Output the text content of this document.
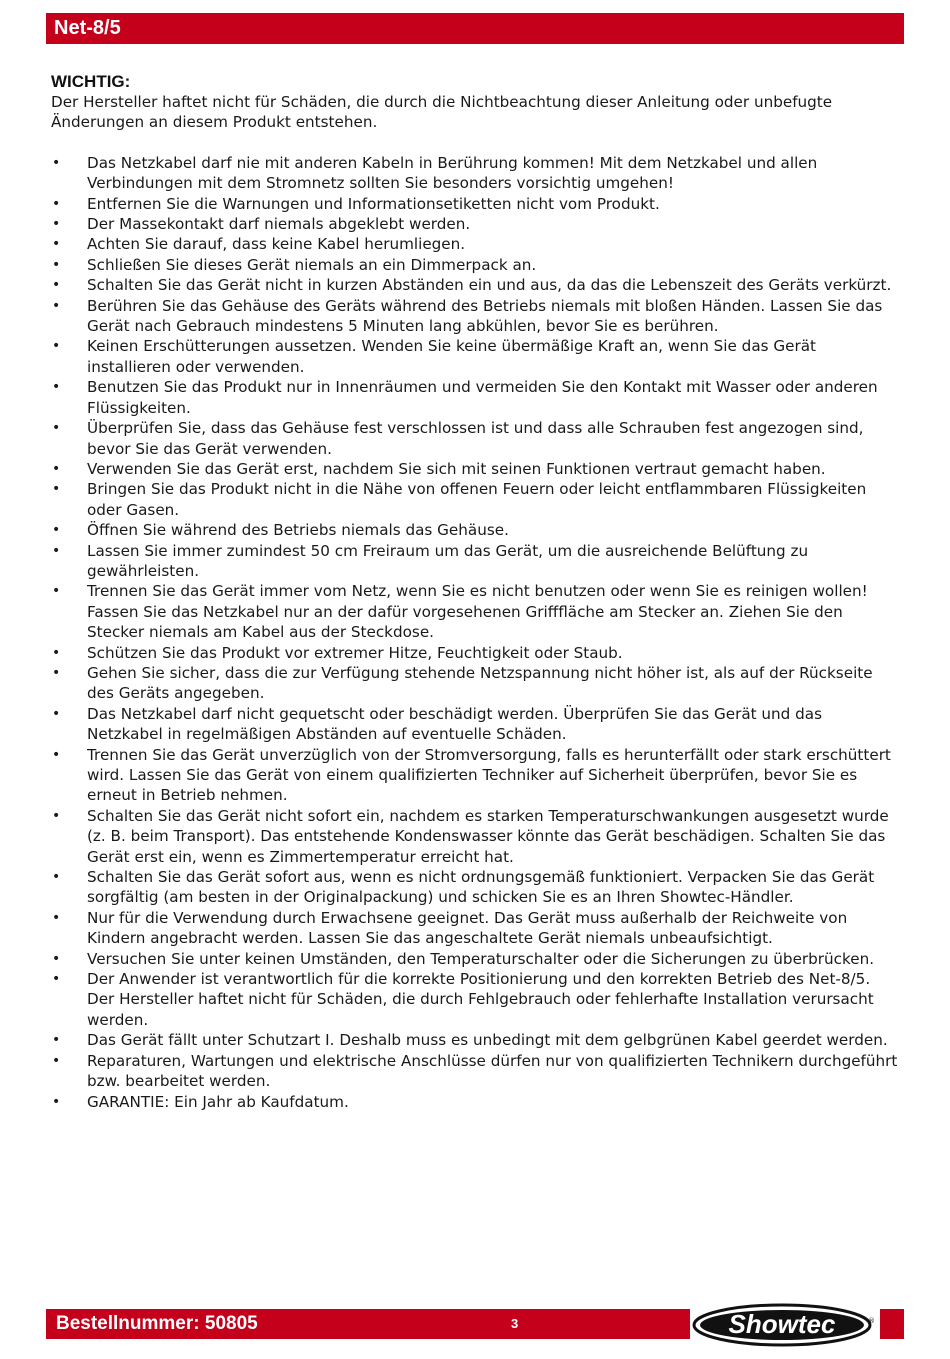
Net-8/5
WICHTIG:

Der Hersteller haftet nicht für Schäden, die durch die Nichtbeachtung dieser Anleitung oder unbefugte Änderungen an diesem Produkt entstehen.

• Das Netzkabel darf nie mit anderen Kabeln in Berührung kommen! Mit dem Netzkabel und allen Verbindungen mit dem Stromnetz sollten Sie besonders vorsichtig umgehen!
• Entfernen Sie die Warnungen und Informationsetiketten nicht vom Produkt.
• Der Massekontakt darf niemals abgeklebt werden.
• Achten Sie darauf, dass keine Kabel herumliegen.
• Schließen Sie dieses Gerät niemals an ein Dimmerpack an.
• Schalten Sie das Gerät nicht in kurzen Abständen ein und aus, da das die Lebenszeit des Geräts verkürzt.
• Berühren Sie das Gehäuse des Geräts während des Betriebs niemals mit bloßen Händen. Lassen Sie das Gerät nach Gebrauch mindestens 5 Minuten lang abkühlen, bevor Sie es berühren.
• Keinen Erschütterungen aussetzen. Wenden Sie keine übermäßige Kraft an, wenn Sie das Gerät installieren oder verwenden.
• Benutzen Sie das Produkt nur in Innenräumen und vermeiden Sie den Kontakt mit Wasser oder anderen Flüssigkeiten.
• Überprüfen Sie, dass das Gehäuse fest verschlossen ist und dass alle Schrauben fest angezogen sind, bevor Sie das Gerät verwenden.
• Verwenden Sie das Gerät erst, nachdem Sie sich mit seinen Funktionen vertraut gemacht haben.
• Bringen Sie das Produkt nicht in die Nähe von offenen Feuern oder leicht entflammbaren Flüssigkeiten oder Gasen.
• Öffnen Sie während des Betriebs niemals das Gehäuse.
• Lassen Sie immer zumindest 50 cm Freiraum um das Gerät, um die ausreichende Belüftung zu gewährleisten.
• Trennen Sie das Gerät immer vom Netz, wenn Sie es nicht benutzen oder wenn Sie es reinigen wollen! Fassen Sie das Netzkabel nur an der dafür vorgesehenen Grifffläche am Stecker an. Ziehen Sie den Stecker niemals am Kabel aus der Steckdose.
• Schützen Sie das Produkt vor extremer Hitze, Feuchtigkeit oder Staub.
• Gehen Sie sicher, dass die zur Verfügung stehende Netzspannung nicht höher ist, als auf der Rückseite des Geräts angegeben.
• Das Netzkabel darf nicht gequetscht oder beschädigt werden. Überprüfen Sie das Gerät und das Netzkabel in regelmäßigen Abständen auf eventuelle Schäden.
• Trennen Sie das Gerät unverzüglich von der Stromversorgung, falls es herunterfällt oder stark erschüttert wird. Lassen Sie das Gerät von einem qualifizierten Techniker auf Sicherheit überprüfen, bevor Sie es erneut in Betrieb nehmen.
• Schalten Sie das Gerät nicht sofort ein, nachdem es starken Temperaturschwankungen ausgesetzt wurde (z. B. beim Transport). Das entstehende Kondenswasser könnte das Gerät beschädigen. Schalten Sie das Gerät erst ein, wenn es Zimmertemperatur erreicht hat.
• Schalten Sie das Gerät sofort aus, wenn es nicht ordnungsgemäß funktioniert. Verpacken Sie das Gerät sorgfältig (am besten in der Originalpackung) und schicken Sie es an Ihren Showtec-Händler.
• Nur für die Verwendung durch Erwachsene geeignet. Das Gerät muss außerhalb der Reichweite von Kindern angebracht werden. Lassen Sie das angeschaltete Gerät niemals unbeaufsichtigt.
• Versuchen Sie unter keinen Umständen, den Temperaturschalter oder die Sicherungen zu überbrücken.
• Der Anwender ist verantwortlich für die korrekte Positionierung und den korrekten Betrieb des Net-8/5. Der Hersteller haftet nicht für Schäden, die durch Fehlgebrauch oder fehlerhafte Installation verursacht werden.
• Das Gerät fällt unter Schutzart I. Deshalb muss es unbedingt mit dem gelbgrünen Kabel geerdet werden.
• Reparaturen, Wartungen und elektrische Anschlüsse dürfen nur von qualifizierten Technikern durchgeführt bzw. bearbeitet werden.
• GARANTIE: Ein Jahr ab Kaufdatum.
Bestellnummer: 50805	3	Showtec	®
